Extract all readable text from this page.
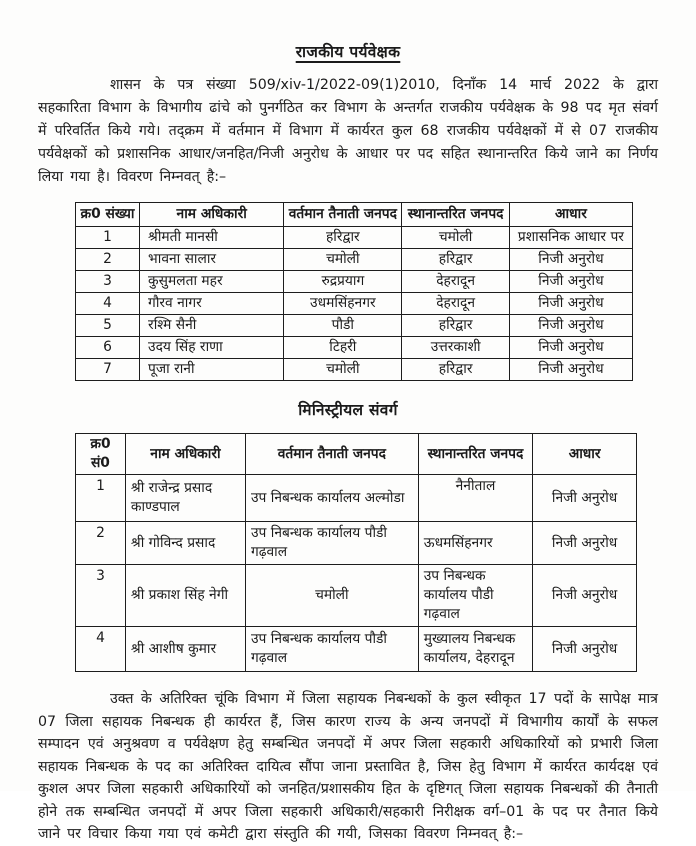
राजकीय पर्यवेक्षक

शासन के पत्र संख्या 509/xiv-1/2022-09(1)2010, दिनाँक 14 मार्च 2022 के द्वारा सहकारिता विभाग के विभागीय ढांचे को पुनर्गठित कर विभाग के अन्तर्गत राजकीय पर्यवेक्षक के 98 पद मृत संवर्ग में परिवर्तित किये गये। तद्क्रम में वर्तमान में विभाग में कार्यरत कुल 68 राजकीय पर्यवेक्षकों में से 07 राजकीय पर्यवेक्षकों को प्रशासनिक आधार/जनहित/निजी अनुरोध के आधार पर पद सहित स्थानान्तरित किये जाने का निर्णय लिया गया है। विवरण निम्नवत् है:–

क्र0 संख्या	नाम अधिकारी	वर्तमान तैनाती जनपद	स्थानान्तरित जनपद	आधार
1	श्रीमती मानसी	हरिद्वार	चमोली	प्रशासनिक आधार पर
2	भावना सालार	चमोली	हरिद्वार	निजी अनुरोध
3	कुसुमलता महर	रुद्रप्रयाग	देहरादून	निजी अनुरोध
4	गौरव नागर	उधमसिंहनगर	देहरादून	निजी अनुरोध
5	रश्मि सैनी	पौडी	हरिद्वार	निजी अनुरोध
6	उदय सिंह राणा	टिहरी	उत्तरकाशी	निजी अनुरोध
7	पूजा रानी	चमोली	हरिद्वार	निजी अनुरोध
मिनिस्ट्रीयल संवर्ग
क्र0 सं0	नाम अधिकारी	वर्तमान तैनाती जनपद	स्थानान्तरित जनपद	आधार
1	श्री राजेन्द्र प्रसाद काण्डपाल	उप निबन्धक कार्यालय अल्मोडा	नैनीताल	निजी अनुरोध
2	श्री गोविन्द प्रसाद	उप निबन्धक कार्यालय पौडी गढ़वाल	ऊधमसिंहनगर	निजी अनुरोध
3	श्री प्रकाश सिंह नेगी	चमोली	उप निबन्धक कार्यालय पौडी गढ़वाल	निजी अनुरोध
4	श्री आशीष कुमार	उप निबन्धक कार्यालय पौडी गढ़वाल	मुख्यालय निबन्धक कार्यालय, देहरादून	निजी अनुरोध

उक्त के अतिरिक्त चूंकि विभाग में जिला सहायक निबन्धकों के कुल स्वीकृत 17 पदों के सापेक्ष मात्र 07 जिला सहायक निबन्धक ही कार्यरत हैं, जिस कारण राज्य के अन्य जनपदों में विभागीय कार्यों के सफल सम्पादन एवं अनुश्रवण व पर्यवेक्षण हेतु सम्बन्धित जनपदों में अपर जिला सहकारी अधिकारियों को प्रभारी जिला सहायक निबन्धक के पद का अतिरिक्त दायित्व सौंपा जाना प्रस्तावित है, जिस हेतु विभाग में कार्यरत कार्यदक्ष एवं कुशल अपर जिला सहकारी अधिकारियों को जनहित/प्रशासकीय हित के दृष्टिगत् जिला सहायक निबन्धकों की तैनाती होने तक सम्बन्धित जनपदों में अपर जिला सहकारी अधिकारी/सहकारी निरीक्षक वर्ग–01 के पद पर तैनात किये जाने पर विचार किया गया एवं कमेटी द्वारा संस्तुति की गयी, जिसका विवरण निम्नवत् है:–
